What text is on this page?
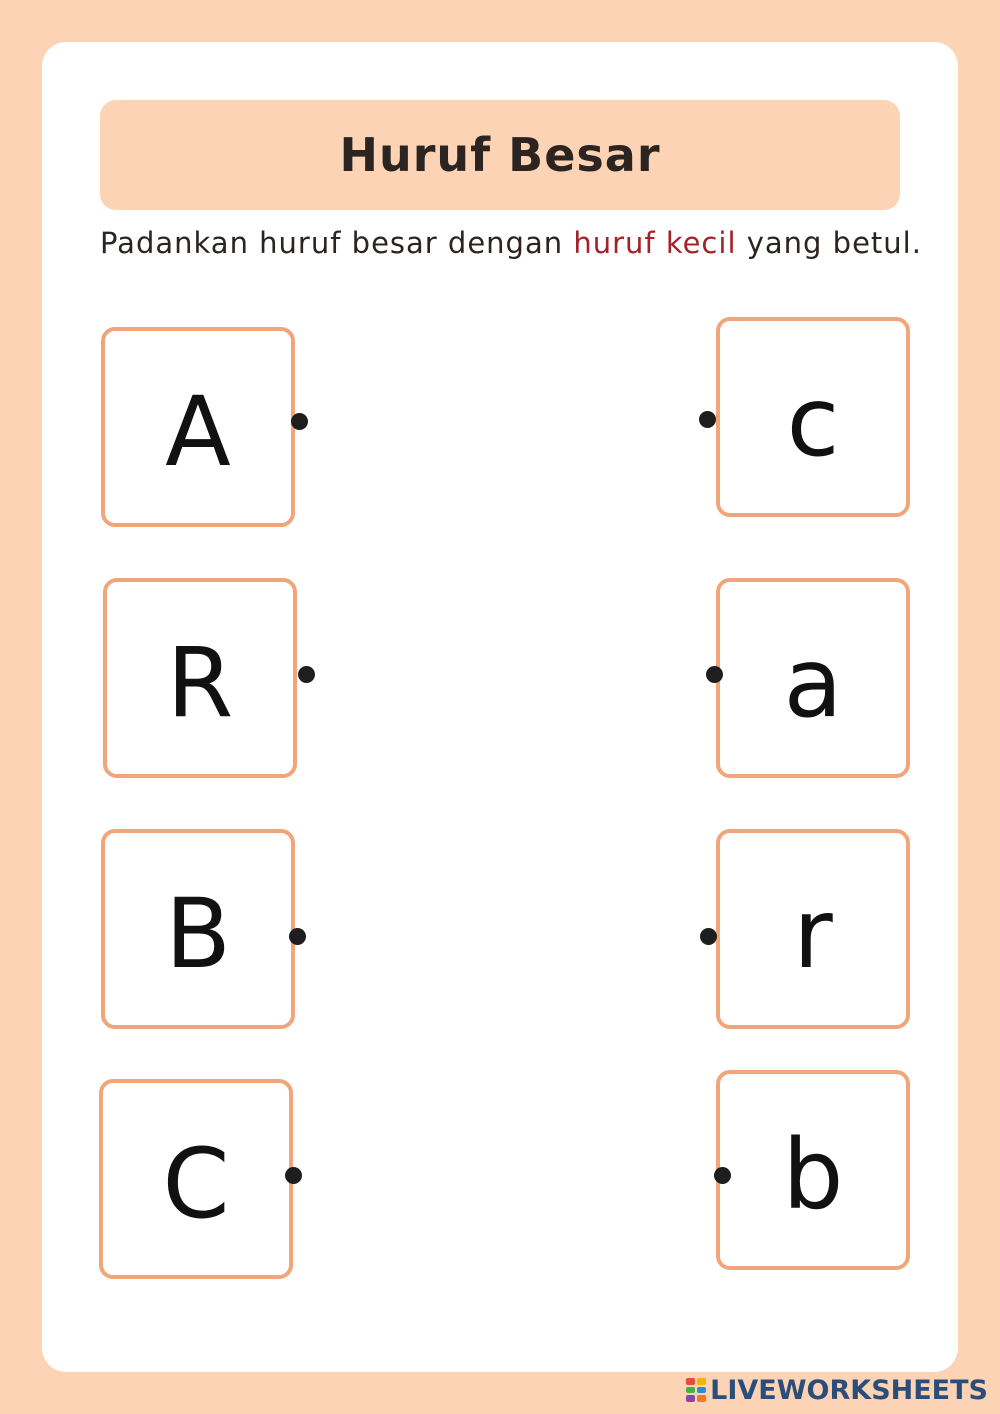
Huruf Besar
Padankan huruf besar dengan huruf kecil yang betul.
A
R
B
C
c
a
r
b
LIVEWORKSHEETS
